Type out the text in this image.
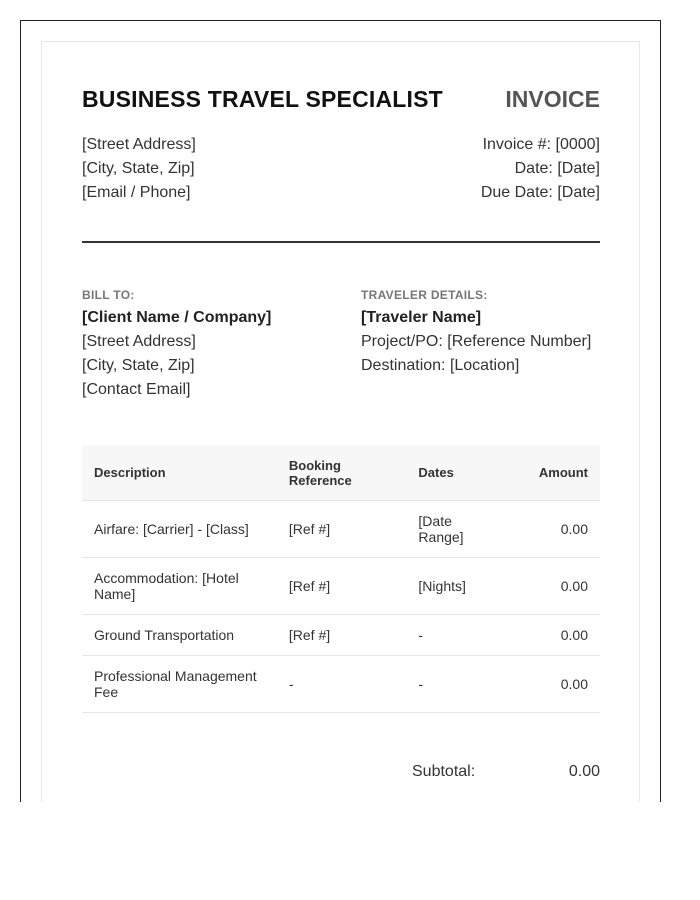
BUSINESS TRAVEL SPECIALIST	INVOICE
[Street Address]
[City, State, Zip]
[Email / Phone]
Invoice #: [0000]
Date: [Date]
Due Date: [Date]
BILL TO:
[Client Name / Company]
[Street Address]
[City, State, Zip]
[Contact Email]
TRAVELER DETAILS:
[Traveler Name]
Project/PO: [Reference Number]
Destination: [Location]
Description	Booking Reference	Dates	Amount
Airfare: [Carrier] - [Class]	[Ref #]	[Date Range]	0.00
Accommodation: [Hotel Name]	[Ref #]	[Nights]	0.00
Ground Transportation	[Ref #]	-	0.00
Professional Management Fee	-	-	0.00
Subtotal:	0.00
